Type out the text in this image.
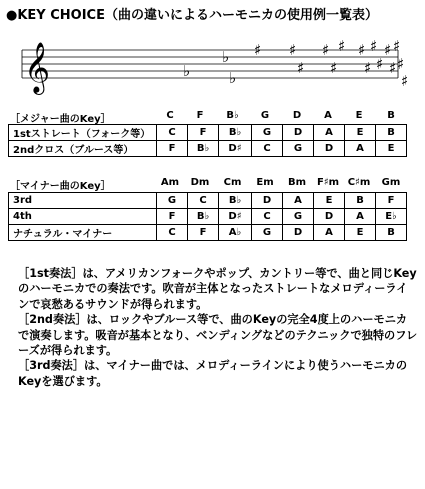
●KEY CHOICE（曲の違いによるハーモニカの使用例一覧表）
𝄞	♭
♭
♭
♯ ♯
♯
♯
♯
♯ ♯
♯
♯
♯
♯
♯
♯
♯
♯
［メジャー曲のKey］	C	F	B♭	G	D	A	E	B
1stストレート（フォーク等）	C	F	B♭	G	D	A	E	B
2ndクロス（ブルース等）	F	B♭	D♯	C	G	D	A	E
［マイナー曲のKey］	Am	Dm	Cm	Em	Bm	F♯m C♯m	Gm
3rd	G	C	B♭	D	A	E	B	F
4th	F	B♭	D♯	C	G	D	A	E♭
ナチュラル・マイナー	C	F	A♭	G	D	A	E	B

［1st奏法］は、アメリカンフォークやポップ、カントリー等で、曲と同じKeyのハーモニカでの奏法です。吹音が主体となったストレートなメロディーラインで哀愁あるサウンドが得られます。

［2nd奏法］は、ロックやブルース等で、曲のKeyの完全4度上のハーモニカで演奏します。吸音が基本となり、ベンディングなどのテクニックで独特のフレーズが得られます。

［3rd奏法］は、マイナー曲では、メロディーラインにより使うハーモニカのKeyを選びます。
